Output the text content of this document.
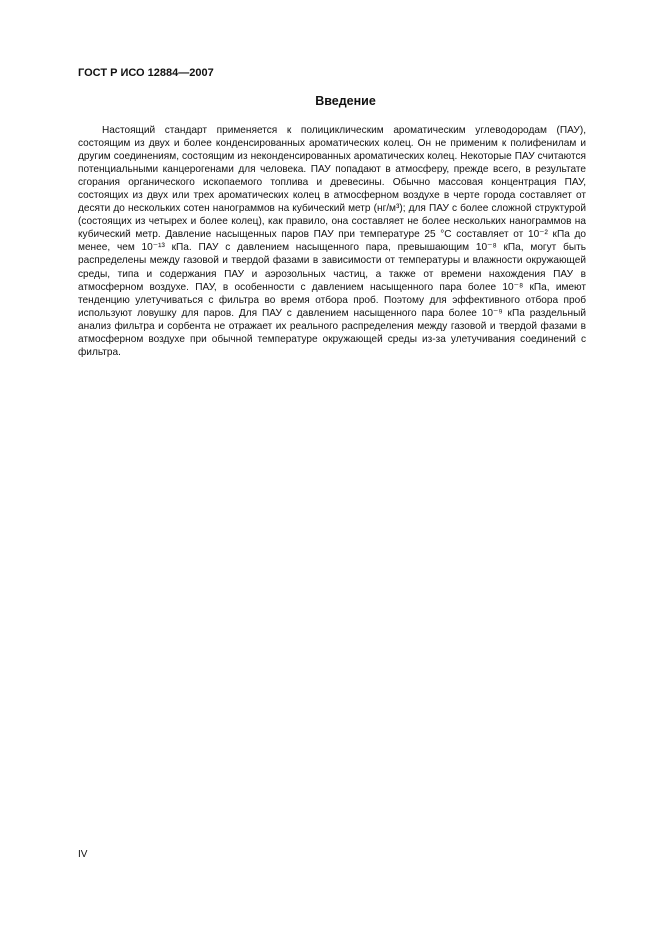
ГОСТ Р ИСО 12884—2007
Введение

Настоящий стандарт применяется к полициклическим ароматическим углеводородам (ПАУ), состоящим из двух и более конденсированных ароматических колец. Он не применим к полифенилам и другим соединениям, состоящим из неконденсированных ароматических колец. Некоторые ПАУ считаются потенциальными канцерогенами для человека. ПАУ попадают в атмосферу, прежде всего, в результате сгорания органического ископаемого топлива и древесины. Обычно массовая концентрация ПАУ, состоящих из двух или трех ароматических колец в атмосферном воздухе в черте города составляет от десяти до нескольких сотен нанограммов на кубический метр (нг/м³); для ПАУ с более сложной структурой (состоящих из четырех и более колец), как правило, она составляет не более нескольких нанограммов на кубический метр. Давление насыщенных паров ПАУ при температуре 25 °С составляет от 10⁻² кПа до менее, чем 10⁻¹³ кПа. ПАУ с давлением насыщенного пара, превышающим 10⁻⁸ кПа, могут быть распределены между газовой и твердой фазами в зависимости от температуры и влажности окружающей среды, типа и содержания ПАУ и аэрозольных частиц, а также от времени нахождения ПАУ в атмосферном воздухе. ПАУ, в особенности с давлением насыщенного пара более 10⁻⁸ кПа, имеют тенденцию улетучиваться с фильтра во время отбора проб. Поэтому для эффективного отбора проб используют ловушку для паров. Для ПАУ с давлением насыщенного пара более 10⁻⁹ кПа раздельный анализ фильтра и сорбента не отражает их реального распределения между газовой и твердой фазами в атмосферном воздухе при обычной температуре окружающей среды из-за улетучивания соединений с фильтра.

IV
